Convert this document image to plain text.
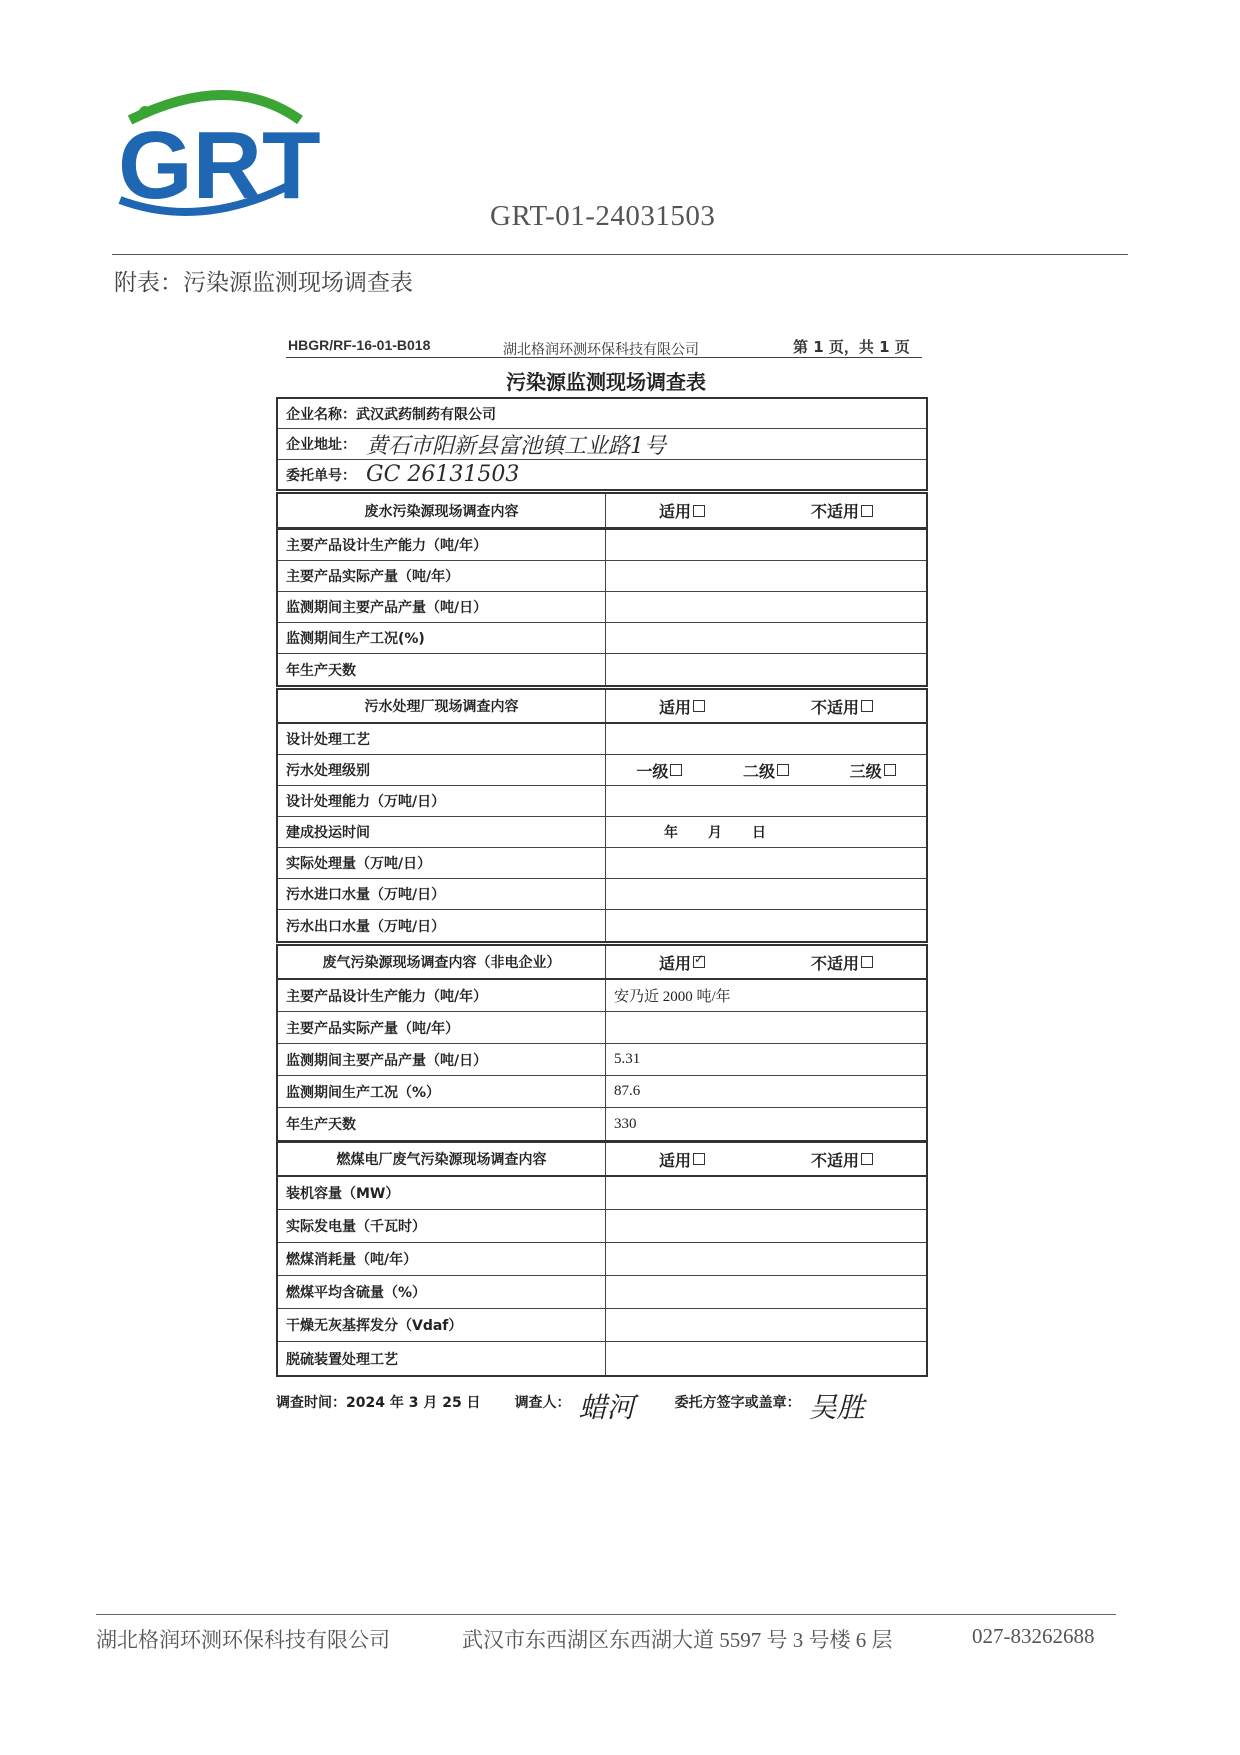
GRT	GRT-01-24031503
附表：污染源监测现场调查表
HBGR/RF-16-01-B018	湖北格润环测环保科技有限公司	第 1 页，共 1 页
污染源监测现场调查表
企业名称： 武汉武药制药有限公司
企业地址： 黄石市阳新县富池镇工业路1号
委托单号： GC 26131503
废水污染源现场调查内容	适用	不适用
主要产品设计生产能力（吨/年）
主要产品实际产量（吨/年）
监测期间主要产品产量（吨/日）
监测期间生产工况(%)
年生产天数
污水处理厂现场调查内容	适用	不适用
设计处理工艺
污水处理级别	一级	二级	三级
设计处理能力（万吨/日）
建成投运时间	年 月 日
实际处理量（万吨/日）
污水进口水量（万吨/日）
污水出口水量（万吨/日）
废气污染源现场调查内容（非电企业）	适用
✓	不适用
主要产品设计生产能力（吨/年）	安乃近 2000 吨/年
主要产品实际产量（吨/年）
监测期间主要产品产量（吨/日）	5.31
监测期间生产工况（%）	87.6
年生产天数	330
燃煤电厂废气污染源现场调查内容	适用	不适用
装机容量（MW）
实际发电量（千瓦时）
燃煤消耗量（吨/年）
燃煤平均含硫量（%）
干燥无灰基挥发分（Vdaf）
脱硫装置处理工艺
调查时间：2024 年 3 月 25 日 调查人： 蜡河	委托方签字或盖章： 吴胜
湖北格润环测环保科技有限公司	武汉市东西湖区东西湖大道 5597 号 3 号楼 6 层	027-83262688
